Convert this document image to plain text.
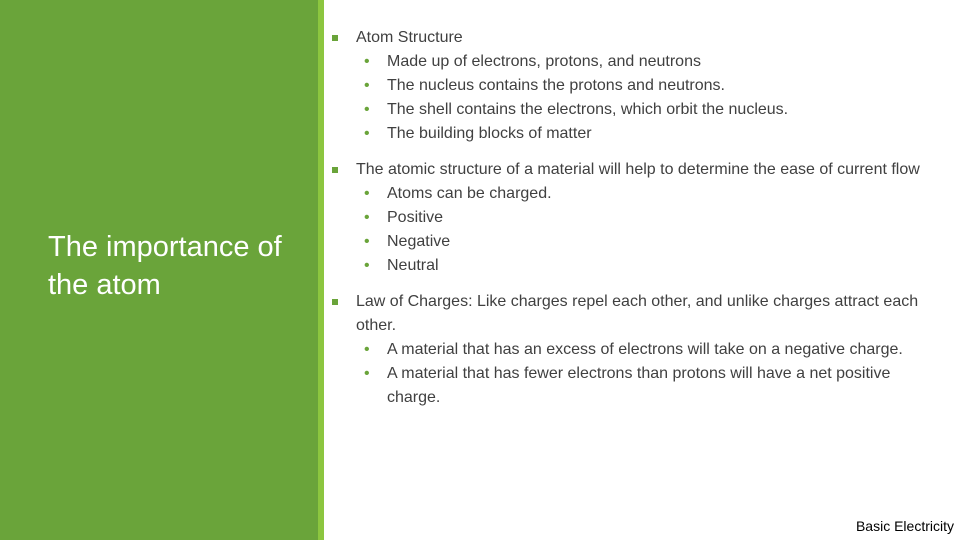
The importance of the atom
Atom Structure
• Made up of electrons, protons, and neutrons
• The nucleus contains the protons and neutrons.
• The shell contains the electrons, which orbit the nucleus.
• The building blocks of matter
The atomic structure of a material will help to determine the ease of current flow
• Atoms can be charged.
• Positive
• Negative
• Neutral
Law of Charges: Like charges repel each other, and unlike charges attract each other.
• A material that has an excess of electrons will take on a negative charge.
• A material that has fewer electrons than protons will have a net positive charge.
Basic Electricity
